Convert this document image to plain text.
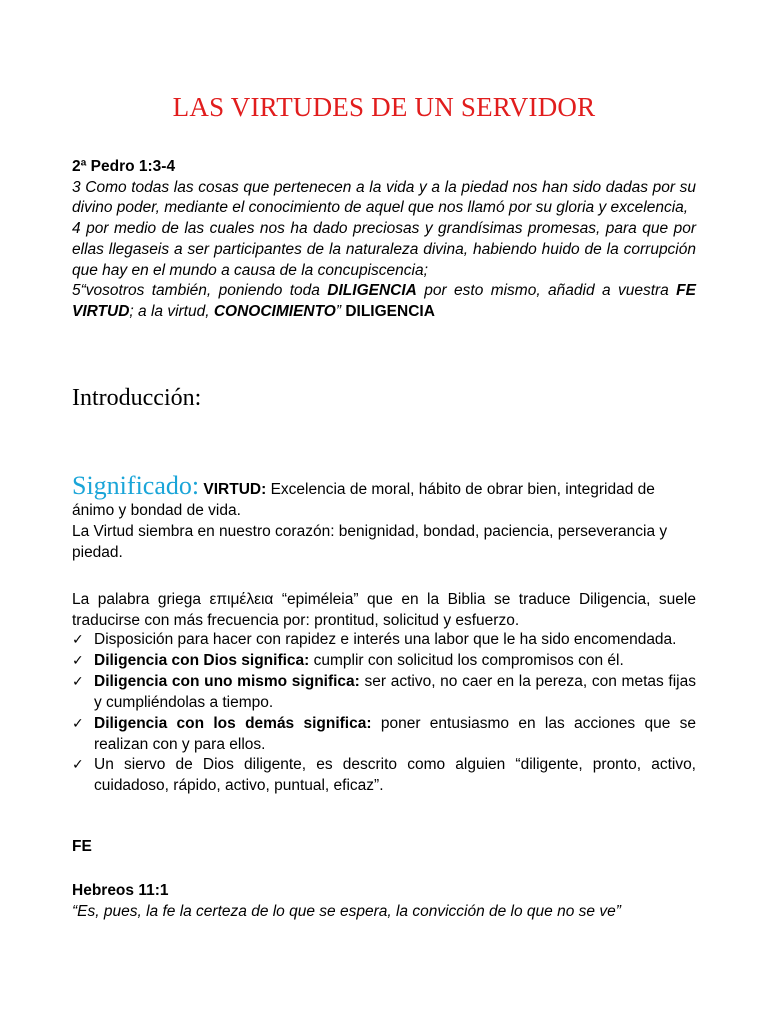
LAS VIRTUDES DE UN SERVIDOR
2ª Pedro 1:3-4
3 Como todas las cosas que pertenecen a la vida y a la piedad nos han sido dadas por su divino poder, mediante el conocimiento de aquel que nos llamó por su gloria y excelencia,
4 por medio de las cuales nos ha dado preciosas y grandísimas promesas, para que por ellas llegaseis a ser participantes de la naturaleza divina, habiendo huido de la corrupción que hay en el mundo a causa de la concupiscencia;
5“vosotros también, poniendo toda DILIGENCIA por esto mismo, añadid a vuestra FE VIRTUD; a la virtud, CONOCIMIENTO” DILIGENCIA
Introducción:
Significado: VIRTUD: Excelencia de moral, hábito de obrar bien, integridad de ánimo y bondad de vida.
La Virtud siembra en nuestro corazón: benignidad, bondad, paciencia, perseverancia y piedad.
La palabra griega επιμέλεια “epiméleia” que en la Biblia se traduce Diligencia, suele traducirse con más frecuencia por: prontitud, solicitud y esfuerzo.
✓ Disposición para hacer con rapidez e interés una labor que le ha sido encomendada.
✓ Diligencia con Dios significa: cumplir con solicitud los compromisos con él.
✓ Diligencia con uno mismo significa: ser activo, no caer en la pereza, con metas fijas y cumpliéndolas a tiempo.
✓ Diligencia con los demás significa: poner entusiasmo en las acciones que se realizan con y para ellos.
✓ Un siervo de Dios diligente, es descrito como alguien “diligente, pronto, activo, cuidadoso, rápido, activo, puntual, eficaz”.
FE
Hebreos 11:1
“Es, pues, la fe la certeza de lo que se espera, la convicción de lo que no se ve”
